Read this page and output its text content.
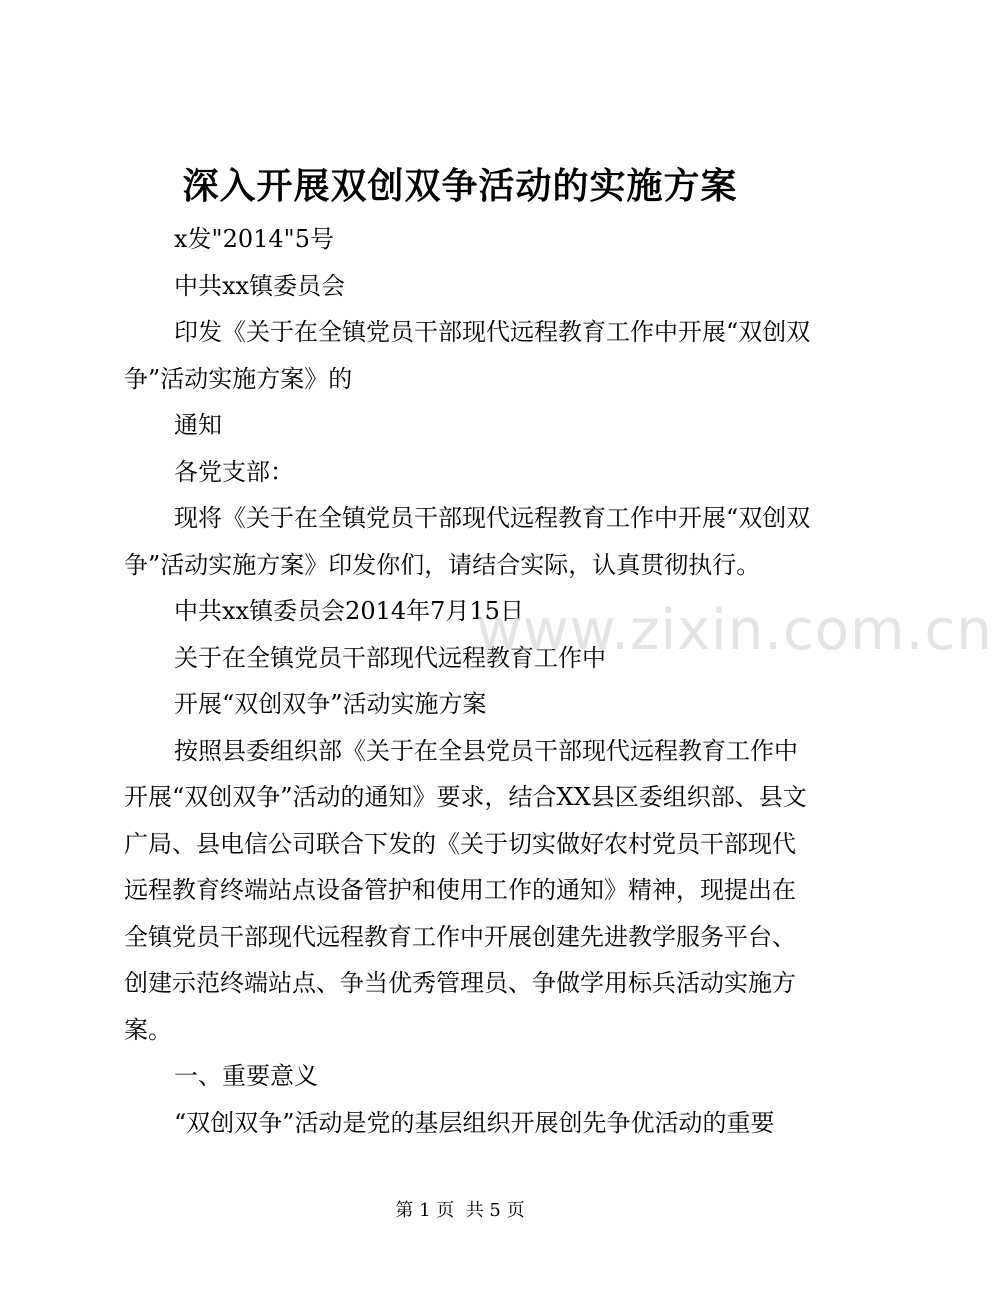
深入开展双创双争活动的实施方案

x发"2014"5号

中共xx镇委员会

印发《关于在全镇党员干部现代远程教育工作中开展“双创双争”活动实施方案》的

通知

各党支部：

现将《关于在全镇党员干部现代远程教育工作中开展“双创双争”活动实施方案》印发你们，请结合实际，认真贯彻执行。

中共xx镇委员会2014年7月15日

关于在全镇党员干部现代远程教育工作中

开展“双创双争”活动实施方案

按照县委组织部《关于在全县党员干部现代远程教育工作中开展“双创双争”活动的通知》要求，结合XX县区委组织部、县文广局、县电信公司联合下发的《关于切实做好农村党员干部现代远程教育终端站点设备管护和使用工作的通知》精神，现提出在全镇党员干部现代远程教育工作中开展创建先进教学服务平台、创建示范终端站点、争当优秀管理员、争做学用标兵活动实施方案。

一、重要意义

“双创双争”活动是党的基层组织开展创先争优活动的重要

www.zixin.com.cn
第 1 页  共 5 页
